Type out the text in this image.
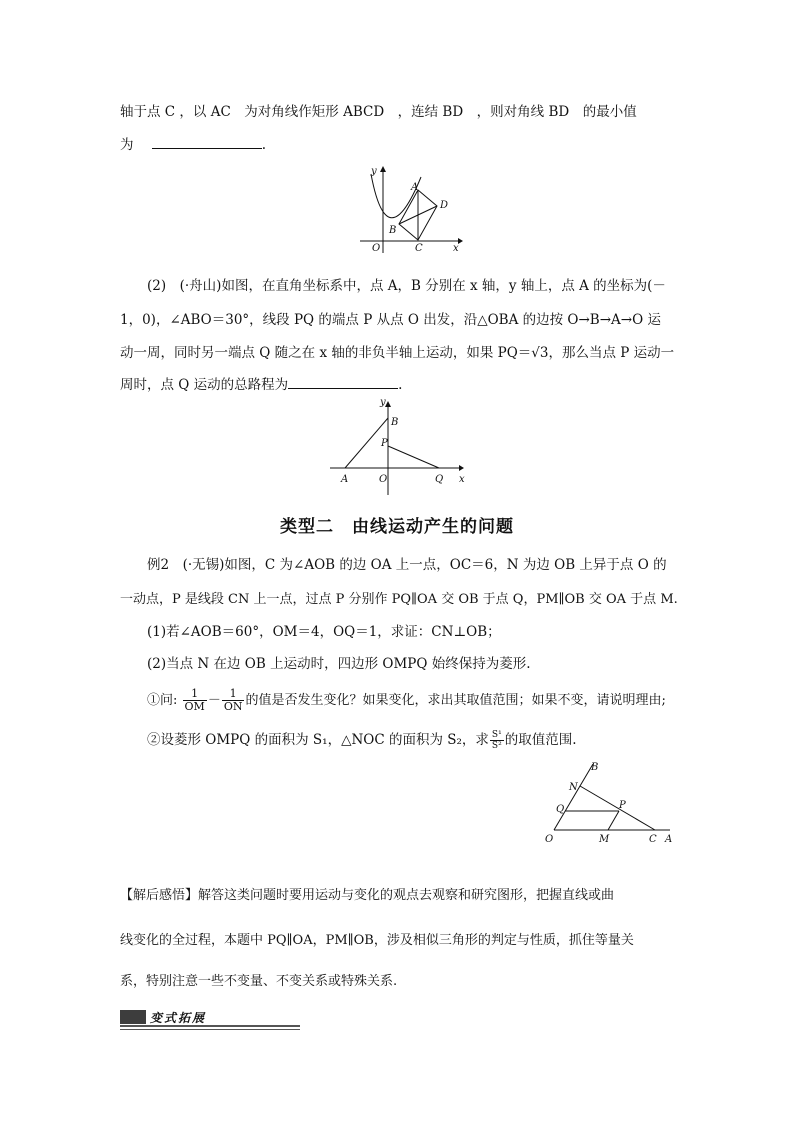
轴于点 C ，以 AC　为对角线作矩形 ABCD　，连结 BD　，则对角线 BD　的最小值
为	.
y
A
D
B
O	C	x
(2)　(·舟山)如图，在直角坐标系中，点 A，B 分别在 x 轴，y 轴上，点 A 的坐标为(－
1，0)，∠ABO＝30°，线段 PQ 的端点 P 从点 O 出发，沿△OBA 的边按 O→B→A→O 运
动一周，同时另一端点 Q 随之在 x 轴的非负半轴上运动，如果 PQ＝√3，那么当点 P 运动一
周时，点 Q 运动的总路程为	.
y
B
P
A	O	Q x
类型二　由线运动产生的问题
例2　(·无锡)如图，C 为∠AOB 的边 OA 上一点，OC＝6，N 为边 OB 上异于点 O 的
一动点，P 是线段 CN 上一点，过点 P 分别作 PQ∥OA 交 OB 于点 Q，PM∥OB 交 OA 于点 M.
(1)若∠AOB＝60°，OM＝4，OQ＝1，求证：CN⊥OB；
(2)当点 N 在边 OB 上运动时，四边形 OMPQ 始终保持为菱形.
①问: $\frac{1}{OM} - \frac{1}{ON}$ 的值是否发生变化？如果变化，求出其取值范围；如果不变，请说明理由;
②设菱形 OMPQ 的面积为 S₁，△NOC 的面积为 S₂，求 $\frac{\text{S¹}}{\text{S²}}$ 的取值范围.
B
N
Q	P
O	M	C A
【解后感悟】解答这类问题时要用运动与变化的观点去观察和研究图形，把握直线或曲
线变化的全过程，本题中 PQ∥OA，PM∥OB，涉及相似三角形的判定与性质，抓住等量关
系，特别注意一些不变量、不变关系或特殊关系.
变式拓展
